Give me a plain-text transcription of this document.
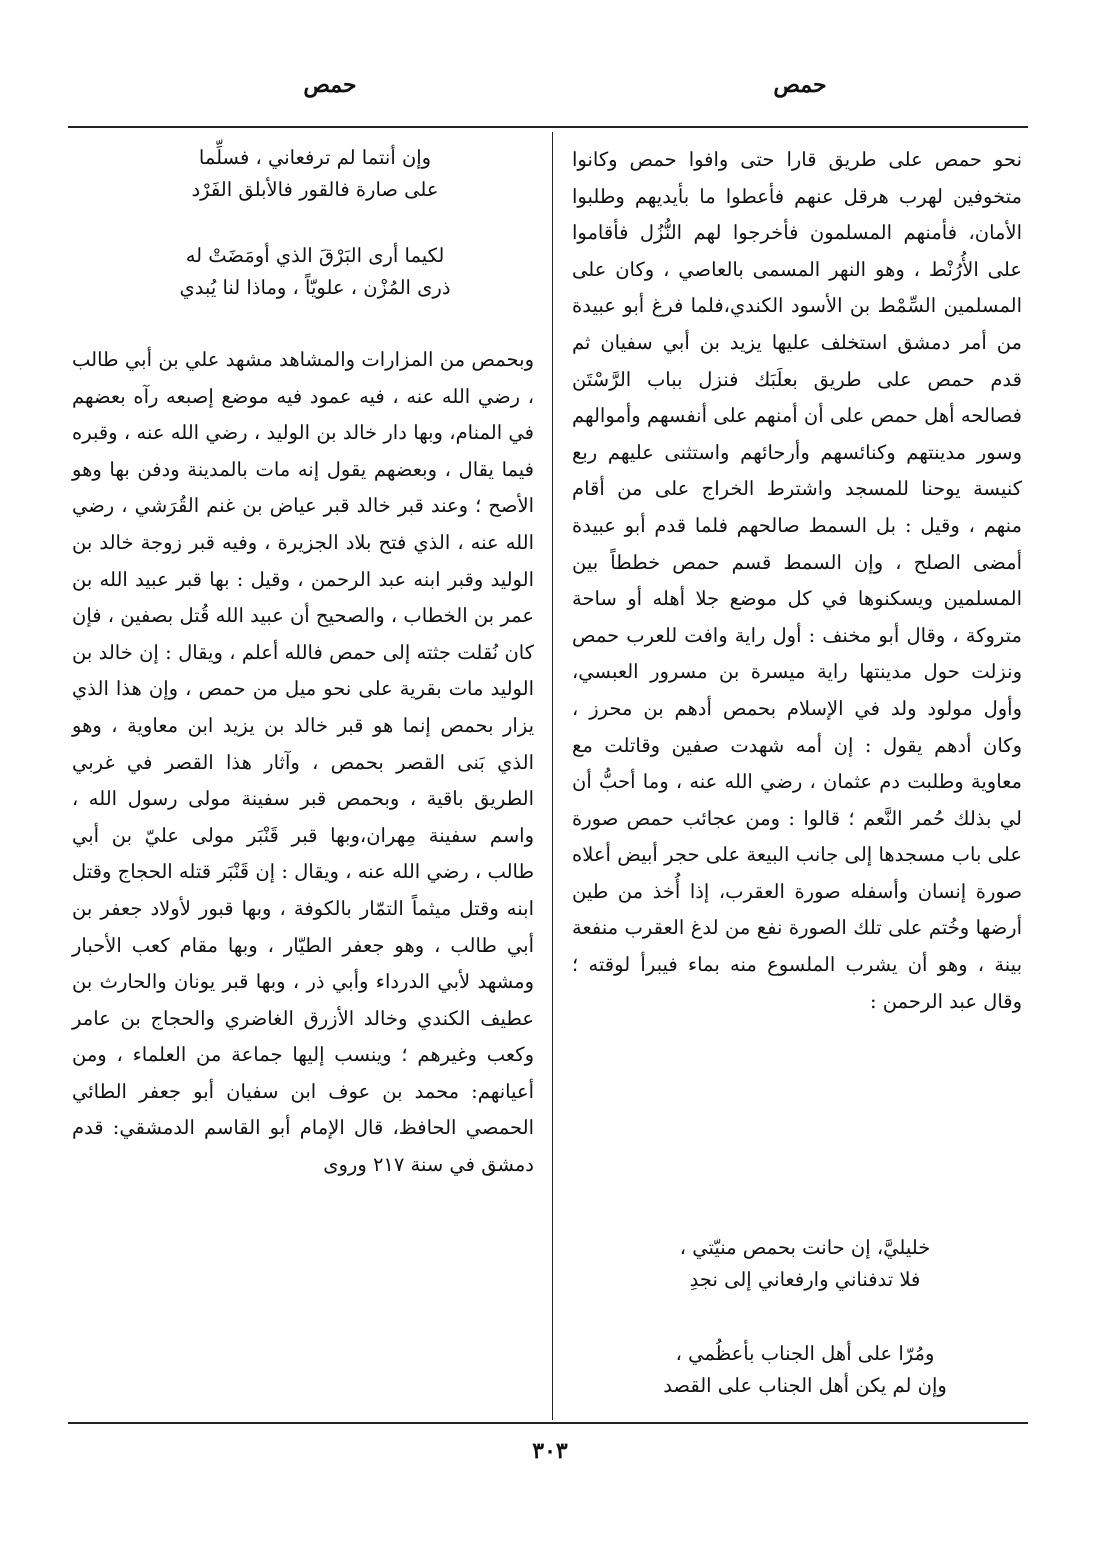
حمص
حمص
نحو حمص على طريق قارا حتى وافوا حمص وكانوا متخوفين لهرب هرقل عنهم فأعطوا ما بأيديهم وطلبوا الأمان، فأمنهم المسلمون فأخرجوا لهم النُّزُل فأقاموا على الأُرُنْط ، وهو النهر المسمى بالعاصي ، وكان على المسلمين السِّمْط بن الأسود الكندي،فلما فرغ أبو عبيدة من أمر دمشق استخلف عليها يزيد بن أبي سفيان ثم قدم حمص على طريق بعلَبَك فنزل بباب الرَّسْتَن فصالحه أهل حمص على أن أمنهم على أنفسهم وأموالهم وسور مدينتهم وكنائسهم وأرحائهم واستثنى عليهم ربع كنيسة يوحنا للمسجد واشترط الخراج على من أقام منهم ، وقيل : بل السمط صالحهم فلما قدم أبو عبيدة أمضى الصلح ، وإن السمط قسم حمص خططاً بين المسلمين ويسكنوها في كل موضع جلا أهله أو ساحة متروكة ، وقال أبو مخنف : أول راية وافت للعرب حمص ونزلت حول مدينتها راية ميسرة بن مسرور العبسي، وأول مولود ولد في الإسلام بحمص أدهم بن محرز ، وكان أدهم يقول : إن أمه شهدت صفين وقاتلت مع معاوية وطلبت دم عثمان ، رضي الله عنه ، وما أحبُّ أن لي بذلك حُمر النَّعم ؛ قالوا : ومن عجائب حمص صورة على باب مسجدها إلى جانب البيعة على حجر أبيض أعلاه صورة إنسان وأسفله صورة العقرب، إذا أُخذ من طين أرضها وخُتم على تلك الصورة نفع من لدغ العقرب منفعة بينة ، وهو أن يشرب الملسوع منه بماء فيبرأ لوقته ؛ وقال عبد الرحمن :

خليليَّ، إن حانت بحمص منيّتي ،

فلا تدفناني وارفعاني إلى نجدِ

ومُرّا على أهل الجناب بأعظُمي ،

وإن لم يكن أهل الجناب على القصد

وإن أنتما لم ترفعاني ، فسلِّما

على صارة فالقور فالأبلق الفَرْد

لكيما أرى البَرْقَ الذي أومَضَتْ له

ذرى المُزْن ، علويّاً ، وماذا لنا يُبدي

وبحمص من المزارات والمشاهد مشهد علي بن أبي طالب ، رضي الله عنه ، فيه عمود فيه موضع إصبعه رآه بعضهم في المنام، وبها دار خالد بن الوليد ، رضي الله عنه ، وقبره فيما يقال ، وبعضهم يقول إنه مات بالمدينة ودفن بها وهو الأصح ؛ وعند قبر خالد قبر عياض بن غنم القُرَشي ، رضي الله عنه ، الذي فتح بلاد الجزيرة ، وفيه قبر زوجة خالد بن الوليد وقبر ابنه عبد الرحمن ، وقيل : بها قبر عبيد الله بن عمر بن الخطاب ، والصحيح أن عبيد الله قُتل بصفين ، فإن كان نُقلت جثته إلى حمص فالله أعلم ، ويقال : إن خالد بن الوليد مات بقرية على نحو ميل من حمص ، وإن هذا الذي يزار بحمص إنما هو قبر خالد بن يزيد ابن معاوية ، وهو الذي بَنى القصر بحمص ، وآثار هذا القصر في غربي الطريق باقية ، وبحمص قبر سفينة مولى رسول الله ، واسم سفينة مِهران،وبها قبر قَنْبَر مولى عليّ بن أبي طالب ، رضي الله عنه ، ويقال : إن قَنْبَر قتله الحجاج وقتل ابنه وقتل ميثماً التمّار بالكوفة ، وبها قبور لأولاد جعفر بن أبي طالب ، وهو جعفر الطيّار ، وبها مقام كعب الأحبار ومشهد لأبي الدرداء وأبي ذر ، وبها قبر يونان والحارث بن عطيف الكندي وخالد الأزرق الغاضري والحجاج بن عامر وكعب وغيرهم ؛ وينسب إليها جماعة من العلماء ، ومن أعيانهم: محمد بن عوف ابن سفيان أبو جعفر الطائي الحمصي الحافظ، قال الإمام أبو القاسم الدمشقي: قدم دمشق في سنة ٢١٧ وروى
٣٠٣
